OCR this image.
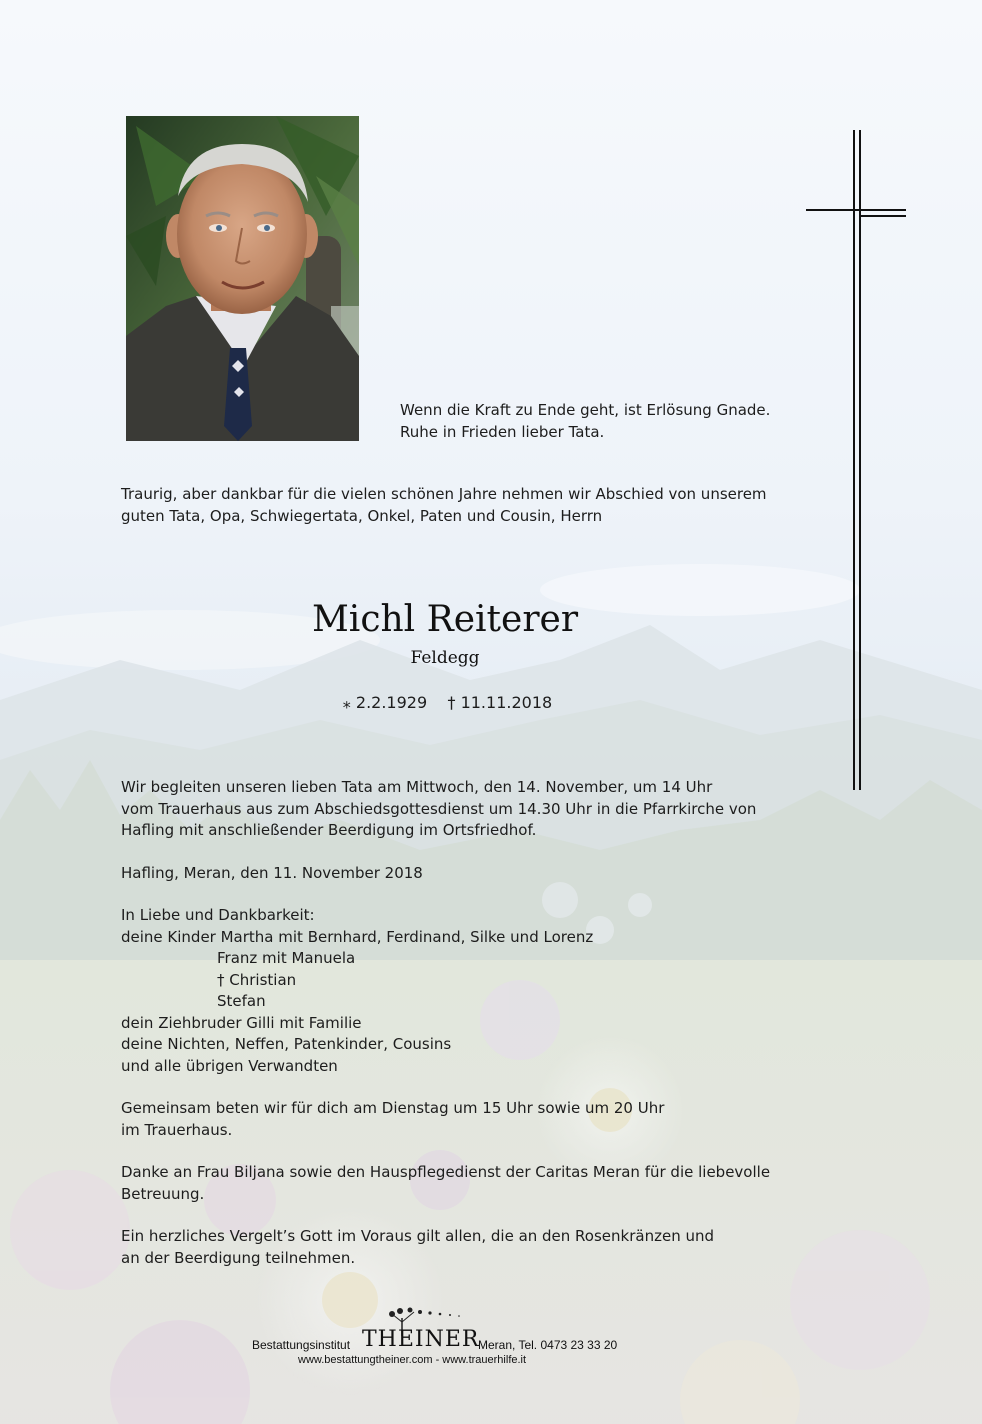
Wenn die Kraft zu Ende geht, ist Erlösung Gnade.
Ruhe in Frieden lieber Tata.
Traurig, aber dankbar für die vielen schönen Jahre nehmen wir Abschied von unserem
guten Tata, Opa, Schwiegertata, Onkel, Paten und Cousin, Herrn
Michl Reiterer
Feldegg
⁎ 2.2.1929 † 11.11.2018
Wir begleiten unseren lieben Tata am Mittwoch, den 14. November, um 14 Uhr
vom Trauerhaus aus zum Abschiedsgottesdienst um 14.30 Uhr in die Pfarrkirche von
Hafling mit anschließender Beerdigung im Ortsfriedhof.
Hafling, Meran, den 11. November 2018
In Liebe und Dankbarkeit:
deine Kinder Martha mit Bernhard, Ferdinand, Silke und Lorenz
Franz mit Manuela
† Christian
Stefan
dein Ziehbruder Gilli mit Familie
deine Nichten, Neffen, Patenkinder, Cousins
und alle übrigen Verwandten
Gemeinsam beten wir für dich am Dienstag um 15 Uhr sowie um 20 Uhr
im Trauerhaus.
Danke an Frau Biljana sowie den Hauspflegedienst der Caritas Meran für die liebevolle
Betreuung.
Ein herzliches Vergelt’s Gott im Voraus gilt allen, die an den Rosenkränzen und
an der Beerdigung teilnehmen.
Bestattungsinstitut THEINER
Meran, Tel. 0473 23 33 20
www.bestattungtheiner.com - www.trauerhilfe.it
